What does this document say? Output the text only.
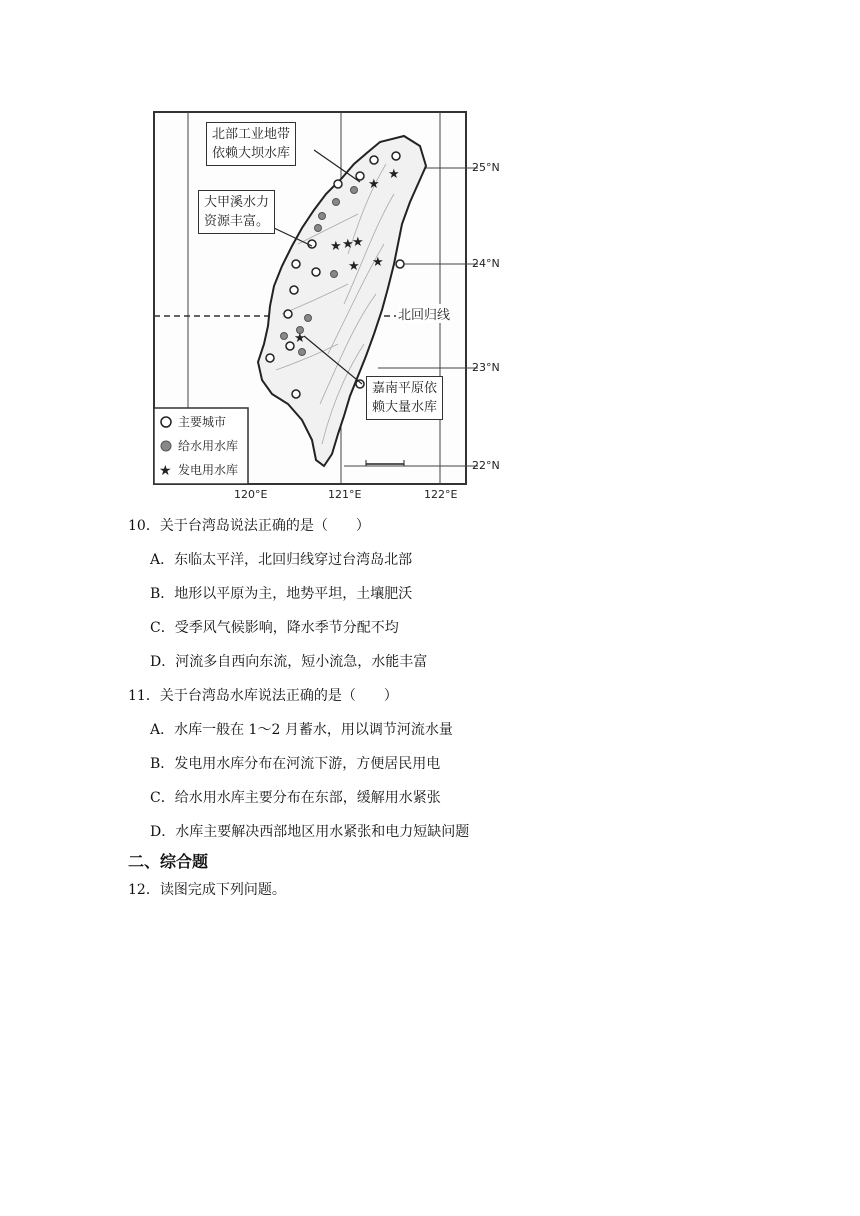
★
★
★ ★
★
★ ★
★
★
北部工业地带
依赖大坝水库
大甲溪水力
资源丰富。
嘉南平原依
赖大量水库
北回归线
25°N
24°N
23°N
22°N
120°E	121°E	122°E
主要城市
给水用水库
发电用水库
10．关于台湾岛说法正确的是（　　）
A．东临太平洋，北回归线穿过台湾岛北部
B．地形以平原为主，地势平坦，土壤肥沃
C．受季风气候影响，降水季节分配不均
D．河流多自西向东流，短小流急，水能丰富
11．关于台湾岛水库说法正确的是（　　）
A．水库一般在 1～2 月蓄水，用以调节河流水量
B．发电用水库分布在河流下游，方便居民用电
C．给水用水库主要分布在东部，缓解用水紧张
D．水库主要解决西部地区用水紧张和电力短缺问题
二、综合题
12．读图完成下列问题。
